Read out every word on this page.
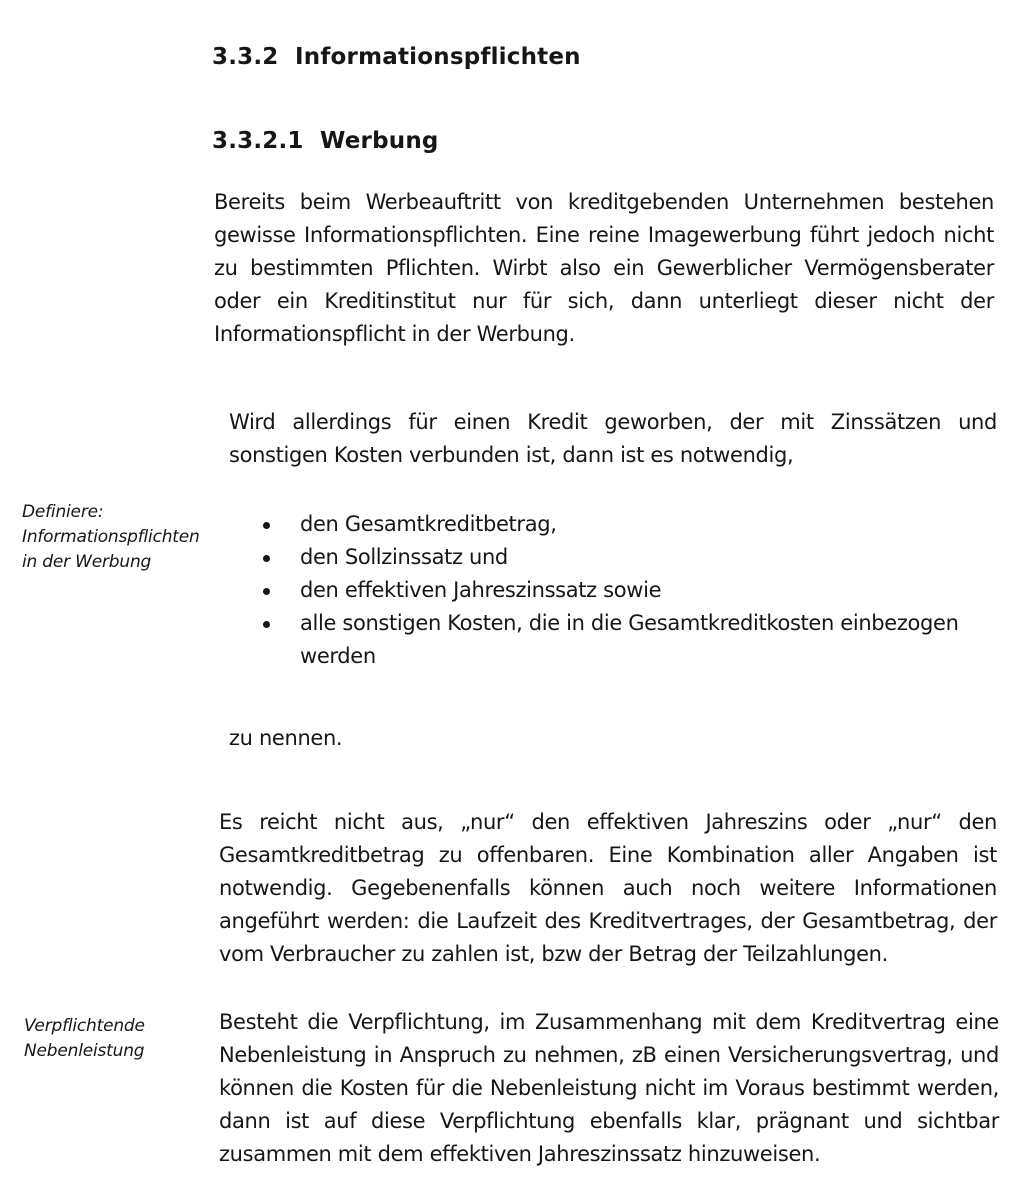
3.3.2 Informationspflichten
3.3.2.1 Werbung

Bereits beim Werbeauftritt von kreditgebenden Unternehmen bestehen gewisse Informationspflichten. Eine reine Imagewerbung führt jedoch nicht zu bestimmten Pflichten. Wirbt also ein Gewerblicher Vermögensberater oder ein Kreditinstitut nur für sich, dann unterliegt dieser nicht der Informationspflicht in der Werbung.

Wird allerdings für einen Kredit geworben, der mit Zinssätzen und sonstigen Kosten verbunden ist, dann ist es notwendig,

Definiere:
Informationspflichten
in der Werbung
den Gesamtkreditbetrag,
den Sollzinssatz und
den effektiven Jahreszinssatz sowie
alle sonstigen Kosten, die in die Gesamtkreditkosten einbezogen werden

zu nennen.

Es reicht nicht aus, „nur“ den effektiven Jahreszins oder „nur“ den Gesamtkreditbetrag zu offenbaren. Eine Kombination aller Angaben ist notwendig. Gegebenenfalls können auch noch weitere Informationen angeführt werden: die Laufzeit des Kreditvertrages, der Gesamtbetrag, der vom Verbraucher zu zahlen ist, bzw der Betrag der Teilzahlungen.

Verpflichtende
Nebenleistung

Besteht die Verpflichtung, im Zusammenhang mit dem Kreditvertrag eine Nebenleistung in Anspruch zu nehmen, zB einen Versicherungsvertrag, und können die Kosten für die Nebenleistung nicht im Voraus bestimmt werden, dann ist auf diese Verpflichtung ebenfalls klar, prägnant und sichtbar zusammen mit dem effektiven Jahreszinssatz hinzuweisen.
